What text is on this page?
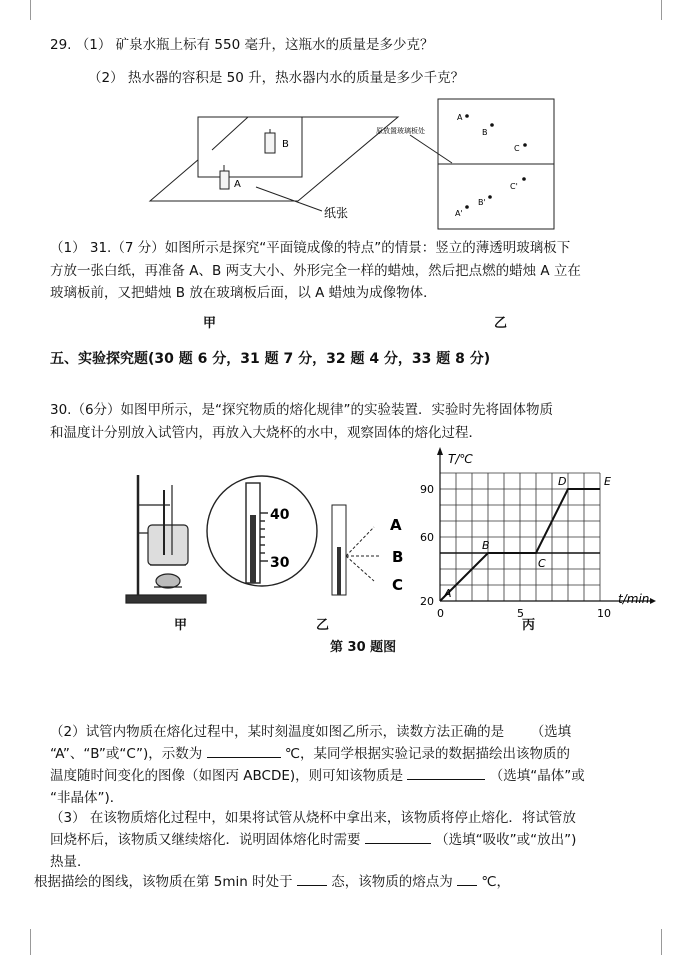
29. （1） 矿泉水瓶上标有 550 毫升，这瓶水的质量是多少克？
（2） 热水器的容积是 50 升，热水器内水的质量是多少千克？
B
A
纸张
原放置玻璃板处
A
B
C
A'
B'
C'
（1） 31.（7 分）如图所示是探究“平面镜成像的特点”的情景：竖立的薄透明玻璃板下
方放一张白纸，再准备 A、B 两支大小、外形完全一样的蜡烛，然后把点燃的蜡烛 A 立在
玻璃板前，又把蜡烛 B 放在玻璃板后面，以 A 蜡烛为成像物体．
甲	乙
五、实验探究题(30 题 6 分，31 题 7 分，32 题 4 分，33 题 8 分)
30.（6分）如图甲所示，是“探究物质的熔化规律”的实验装置．实验时先将固体物质
和温度计分别放入试管内，再放入大烧杯的水中，观察固体的熔化过程．
40
30
A
B
C
0	5	10
20
60
90
A
B
C
D	E
T/℃
t/min
甲	乙	丙
第 30 题图
（2）试管内物质在熔化过程中，某时刻温度如图乙所示，读数方法正确的是 （选填
“A”、“B”或“C”)，示数为	℃，某同学根据实验记录的数据描绘出该物质的
温度随时间变化的图像（如图丙 ABCDE)，则可知该物质是	（选填“晶体”或
“非晶体”)．
（3） 在该物质熔化过程中，如果将试管从烧杯中拿出来，该物质将停止熔化．将试管放
回烧杯后，该物质又继续熔化．说明固体熔化时需要	（选填“吸收”或“放出”)
热量．
根据描绘的图线，该物质在第 5min 时处于	态，该物质的熔点为 ℃，
